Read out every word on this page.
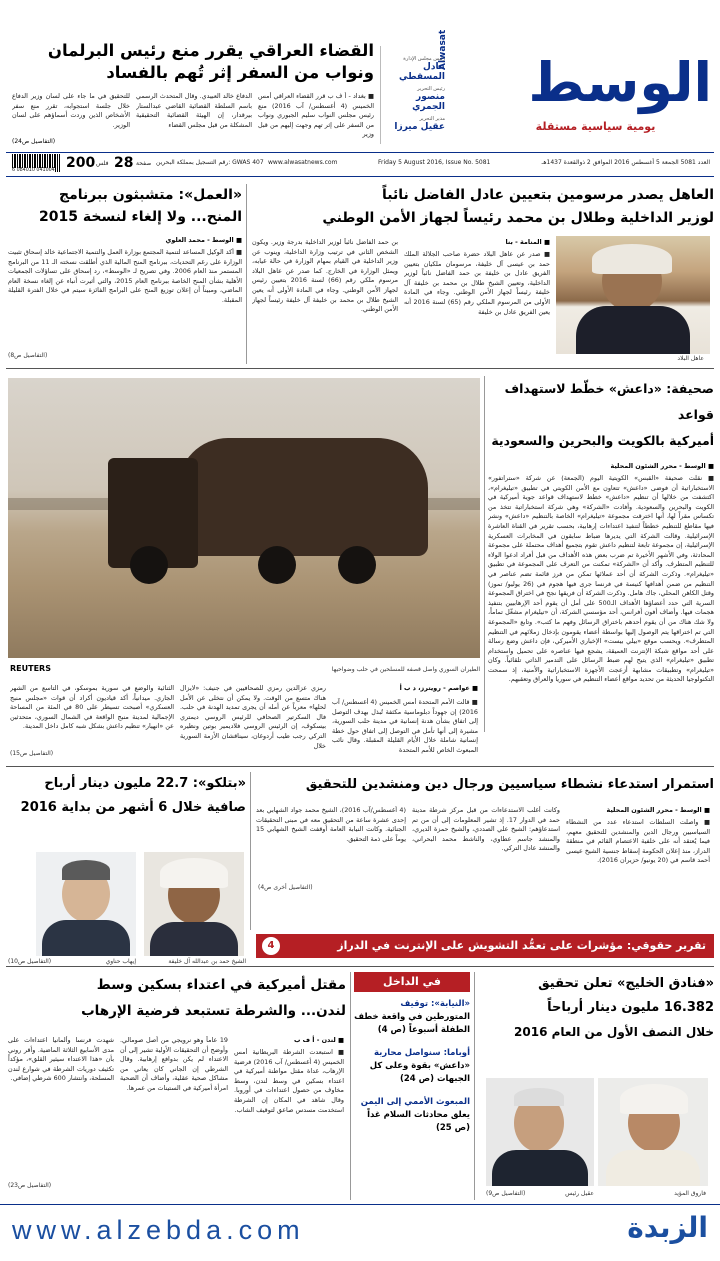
الوسط
Alwasat
يومية سياسية مستقلة
رئيس مجلس الإدارة
عادل المسقطي
رئيس التحرير
منصور الجمري
مدير التحرير
عقيل ميرزا
القضاء العراقي يقرر منع رئيس البرلمان
ونواب من السفر إثر تُهم بالفساد
■ بغداد - أ ف ب قرر القضاء العراقي أمس الخميس (4 أغسطس/ آب 2016) منع رئيس مجلس النواب سليم الجبوري ونواب من السفر على إثر تهم وجهت إليهم من قبل وزير
الدفاع خالد العبيدي. وقال المتحدث الرسمي باسم السلطة القضائية القاضي عبدالستار بيرقدار، إن الهيئة القضائية التحقيقية المشكلة من قبل مجلس القضاء
للتحقيق في ما جاء على لسان وزير الدفاع خلال جلسة استجوابه، تقرر منع سفر الأشخاص الذين وردت أسماؤهم على لسان الوزير.
(التفاصيل ص24)
6 084010 041004 200 فلس 28 صفحة رقم التسجيل بمملكة البحرين: GWAS 407 www.alwasatnews.com	Friday 5 August 2016, Issue No. 5081	العدد 5081 الجمعة 5 أغسطس 2016 الموافق 2 ذوالقعدة 1437هـ
العاهل يصدر مرسومين بتعيين عادل الفاضل نائباً
لوزير الداخلية وطلال بن محمد رئيساً لجهاز الأمن الوطني
عاهل البلاد
■ المنامة - بنا
■ صدر عن عاهل البلاد حضرة صاحب الجلالة الملك حمد بن عيسى آل خليفة، مرسومان ملكيان بتعيين الفريق عادل بن خليفة بن حمد الفاضل نائباً لوزير الداخلية، وتعيين الشيخ طلال بن محمد بن خليفة آل خليفة رئيساً لجهاز الأمن الوطني. وجاء في المادة الأولى من المرسوم الملكي رقم (65) لسنة 2016 أنه يعين الفريق عادل بن خليفة
بن حمد الفاضل نائباً لوزير الداخلية بدرجة وزير. ويكون الشخص الثاني في ترتيب وزارة الداخلية، وينوب عن وزير الداخلية في القيام بمهام الوزارة في حالة غيابه، ويمثل الوزارة في الخارج. كما صدر عن عاهل البلاد مرسوم ملكي رقم (66) لسنة 2016 بتعيين رئيس لجهاز الأمن الوطني. وجاء في المادة الأولى أنه يعين الشيخ طلال بن محمد بن خليفة آل خليفة رئيساً لجهاز الأمن الوطني.
«العمل»: متشبثون ببرنامج
المنح... ولا إلغاء لنسخة 2015
■ الوسط - محمد العلوي
■ أكد الوكيل المساعد لتنمية المجتمع بوزارة العمل والتنمية الاجتماعية خالد إسحاق تثبيت الوزارة على رغم التحديات، ببرنامج المنح المالية الذي أطلقت نسخته الـ 11 من البرنامج المستمر منذ العام 2006. وفي تصريح لـ «الوسط»، رد إسحاق على تساؤلات الجمعيات الأهلية بشأن المنح الخاصة ببرنامج العام 2015، والتي أثيرت أنباء عن إلغاء نسخة العام الماضي، ومبيناً أن إعلان توزيع المنح على البرامج الفائزة سيتم في خلال الفترة القليلة المقبلة.
(التفاصيل ص8)
REUTERS	الطيران السوري واصل قصفه للمسلحين في حلب وضواحيها
صحيفة: «داعش» خطّط لاستهداف قواعد
أميركية بالكويت والبحرين والسعودية
■ الوسط - محرر الشئون المحلية
■ نقلت صحيفة «القبس» الكويتية اليوم (الجمعة) عن شركة «ستراتفور» الاستخباراتية أن فوضى «داعش» تتعاون مع الأمن الكويتي في تطبيق «تيليغرام»، اكتشفت من خلالها أن تنظيم «داعش» خطط لاستهداف قواعد جوية أميركية في الكويت والبحرين والسعودية. وأفادت «الشركة» وهي شركة استخباراتية تتخذ من تكساس مقراً لها، أنها اخترقت مجموعة «تيليغرام» الخاصة بالتنظيم «داعش» ونشر فيها مقاطع للتنظيم خططاً لتنفيذ اعتداءات إرهابية، بحسب تقرير في القناة العاشرة الإسرائيلية. وقالت الشركة التي يديرها ضباط سابقون في المخابرات العسكرية الإسرائيلية، إن مجموعة تابعة لتنظيم داعش تقوم بتجميع أهداف محتملة على مجموعة المحادثة، وفي الأشهر الأخيرة تم ضرب بعض هذه الأهداف من قبل أفراد ادعوا الولاء للتنظيم المتطرف. وأكد أن «الشركة» تمكنت من التعرف على المجموعة في تطبيق «تيليغرام». وذكرت الشركة أن أحد عملائها تمكن من فرز قائمة تضم عناصر في التنظيم من ضمن أهدافها كنيسة في فرنسا جرى فيها هجوم في (26 يوليو/ تموز) وقتل الكاهن المحلي، جاك هامل. وذكرت الشركة أن فريقها نجح في اختراق المجموعة السرية التي حدد أعضاؤها الأهداف الـ500 على أمل أن يقوم أحد الإرهابيين بتنفيذ هجمات فيها. وأضاف أفون أفرانس، أحد مؤسسي الشركة، أن «تيليغرام مشغّل تماماً، ولا شك هناك من أن يقوم أحدهم باختراق الرسائل وفهم ما كتب». وتابع «المجموعة التي تم اختراقها يتم الوصول إليها بواسطة أعضاء يقومون بإدخال زملائهم في التنظيم المتطرف». ويحسب موقع «بيلي بيست» الإخباري الأميركي، فإن داعش وضع رسالة على أحد مواقع شبكة الإنترنت العميقة، يشجع فيها عناصره على تحميل واستخدام تطبيق «تيليغرام» الذي يتيح لهم ضبط الرسائل على التدمير الذاتي تلقائياً. وكان «تيليغرام» وتطبيقات مشابهة أزعجت الأجهزة الاستخباراتية والأمنية، إذ سمحت التكنولوجيا الحديثة من تحديد مواقع أعضاء التنظيم في سوريا والعراق وتعقبهم.
■ عواصم - رويترز، د ب أ
■ قالت الأمم المتحدة أمس الخميس (4 أغسطس/ آب 2016) إن جهوداً دبلوماسية مكثفة تُبذل بهدف التوصل إلى اتفاق بشأن هدنة إنسانية في مدينة حلب السورية، مشيرة إلى أنها تأمل في التوصل إلى اتفاق حول خطة إنسانية شاملة خلال الأيام القليلة المقبلة. وقال نائب المبعوث الخاص للأمم المتحدة
رمزي عزالدين رمزي للصحافيين في جنيف: «لايزال هناك متسع من الوقت. ولا يمكن أن نتخلى عن الأمل لحلها» معرباً عن أمله أن يجرى تمديد الهدنة في حلب. فال السكرتير الصحافي للرئيس الروسي ديمتري بيسكوف، إن الرئيس الروسي فلاديمير بوتين ونظيره التركي رجب طيب أردوغان، سيناقشان الأزمة السورية خلال
الثنائية والوضع في سورية بموسكو، في التاسع من الشهر الجاري. ميدانياً، أكد قياديون أكراد أن قوات «مجلس منبج العسكري» أصبحت تسيطر على 80 في المئة من المساحة الإجمالية لمدينة منبج الواقعة في الشمال السوري، متحدثين عن «انهيار» تنظيم داعش بشكل شبه كامل داخل المدينة.
(التفاصيل ص15)
استمرار استدعاء نشطاء سياسيين ورجال دين ومنشدين للتحقيق
■ الوسط - محرر الشئون المحلية
■ واصلت السلطات استدعاء عدد من النشطاء السياسيين ورجال الدين والمنشدين للتحقيق معهم، فيما يُعتقد أنه على خلفية الاعتصام القائم في منطقة الدراز، منذ إعلان الحكومة إسقاط جنسية الشيخ عيسى أحمد قاسم في (20 يونيو/ حزيران 2016).
وكانت أغلب الاستدعاءات من قبل مركز شرطة مدينة حمد في الدوار 17. إذ تشير المعلومات إلى أن من تم استدعاؤهم: الشيخ علي الصددي، والشيخ حمزة الديري، والمنشد جاسم عطاوي، والناشط محمد البحراني، والمنشد عادل التركي.
(4 أغسطس/آب 2016)، الشيخ محمد جواد الشهابي بعد إحدى عشرة ساعة من التحقيق معه في مبنى التحقيقات الجنائية. وكانت النيابة العامة أوقفت الشيخ الشهابي 15 يوماً على ذمة التحقيق.
(التفاصيل أخرى ص4)
«بتلكو»: 22.7 مليون دينار أرباح
صافية خلال 6 أشهر من بداية 2016
الشيخ حمد بن عبدالله آل خليفة
إيهاب حناوي
(التفاصيل ص10)
تقرير حقوقي: مؤشرات على تعمُّد التشويش على الإنترنت في الدراز
4
«فنادق الخليج» تعلن تحقيق
16.382 مليون دينار أرباحاً
خلال النصف الأول من العام 2016
فاروق المؤيد
عقيل رئيس
(التفاصيل ص9)
في الداخل
«النيابة»: توقيف
المتورطين في واقعة خطف الطفلة أسبوعاً (ص 4)
أوباما: سنواصل محاربة
«داعش» بقوة وعلى كل الجبهات (ص 24)
المبعوث الأممي إلى اليمن
يعلق محادثات السلام غداً (ص 25)
مقتل أميركية في اعتداء بسكين وسط
لندن... والشرطة تستبعد فرضية الإرهاب
■ لندن - أ ف ب
■ استبعدت الشرطة البريطانية أمس الخميس (4 أغسطس/ آب 2016) فرضية الإرهاب، غداة مقتل مواطنة أميركية في اعتداء بسكين في وسط لندن، وسط مخاوف من حصول اعتداءات في أوروبا. وقال شاهد في المكان إن الشرطة استخدمت مسدس صاعق لتوقيف الشاب.
19 عاماً وهو نرويجي من أصل صومالي. وأوضح أن التحقيقات الأولية تشير إلى أن الاعتداء لم يكن بدوافع إرهابية. وقال الشرطي إن الجاني كان يعاني من مشاكل صحية عقلية، وأضاف أن الضحية امرأة أميركية في الستينات من عمرها.
شهدت فرنسا وألمانيا اعتداءات على مدى الأسابيع الثلاثة الماضية. وأقر روني بأن «هذا الاعتداء سيثير القلق»، مؤكداً تكثيف دوريات الشرطة في شوارع لندن المسلحة، وانتشار 600 شرطي إضافي.
(التفاصيل ص23)
www.alzebda.com	الزبدة
